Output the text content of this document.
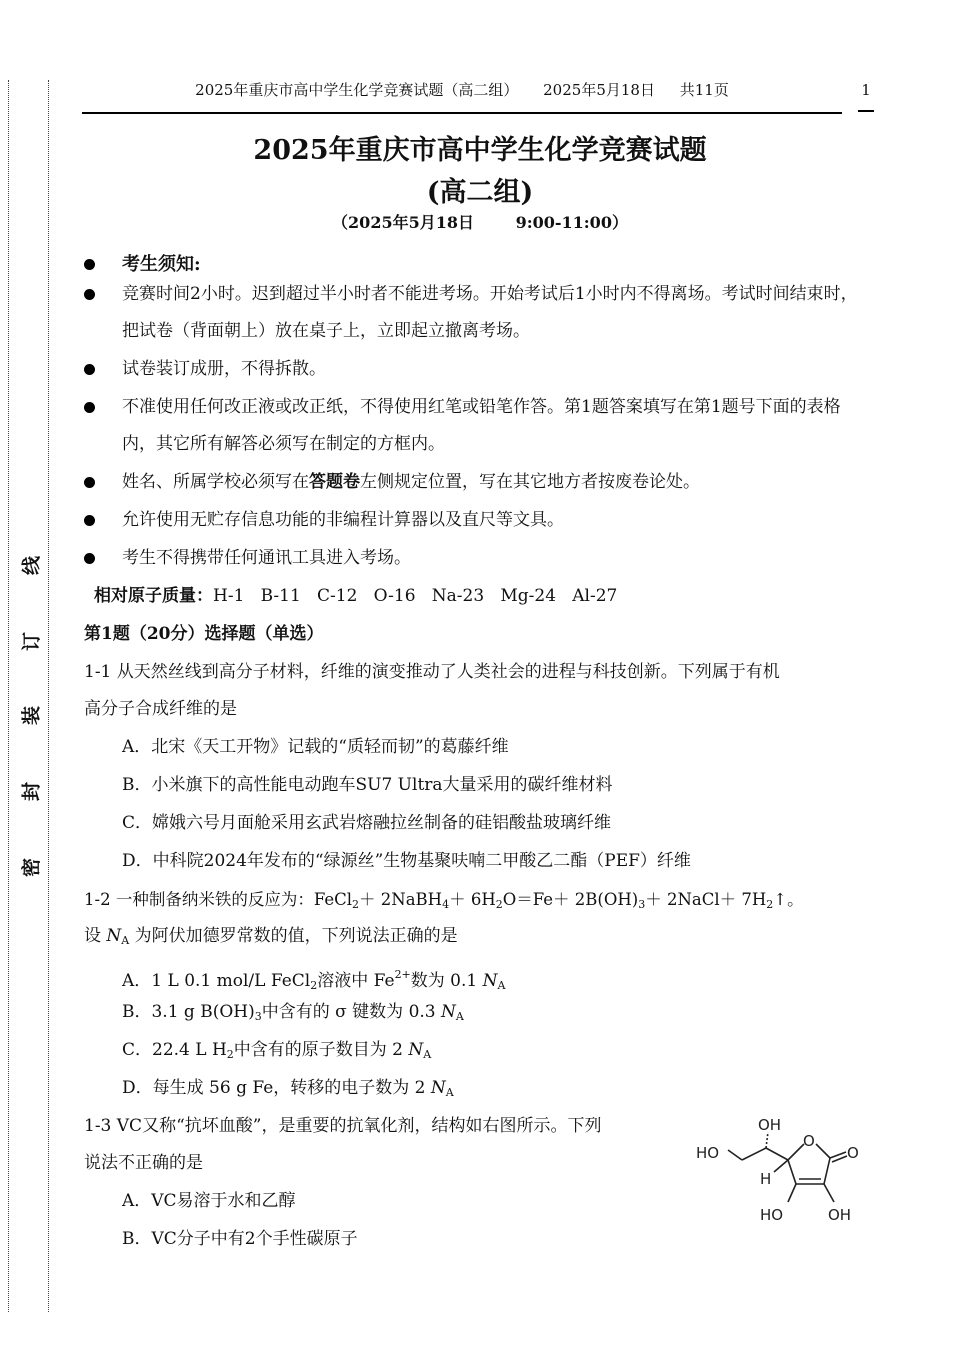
线
订
装
封
密
2025年重庆市高中学生化学竞赛试题（高二组） 2025年5月18日 共11页	1
2025年重庆市高中学生化学竞赛试题
(高二组)
（2025年5月18日	9:00-11:00）
考生须知:
竞赛时间2小时。迟到超过半小时者不能进考场。开始考试后1小时内不得离场。考试时间结束时，把试卷（背面朝上）放在桌子上，立即起立撤离考场。
试卷装订成册，不得拆散。
不准使用任何改正液或改正纸，不得使用红笔或铅笔作答。第1题答案填写在第1题号下面的表格内，其它所有解答必须写在制定的方框内。
姓名、所属学校必须写在答题卷左侧规定位置，写在其它地方者按废卷论处。
允许使用无贮存信息功能的非编程计算器以及直尺等文具。
考生不得携带任何通讯工具进入考场。
相对原子质量：H-1 B-11 C-12 O-16 Na-23 Mg-24 Al-27
第1题（20分）选择题（单选）
1-1 从天然丝线到高分子材料，纤维的演变推动了人类社会的进程与科技创新。下列属于有机
高分子合成纤维的是
A．北宋《天工开物》记载的“质轻而韧”的葛藤纤维
B．小米旗下的高性能电动跑车SU7 Ultra大量采用的碳纤维材料
C．嫦娥六号月面舱采用玄武岩熔融拉丝制备的硅铝酸盐玻璃纤维
D．中科院2024年发布的“绿源丝”生物基聚呋喃二甲酸乙二酯（PEF）纤维
1-2 一种制备纳米铁的反应为：FeCl$_2$＋ 2NaBH$_4$＋ $6H_2O=Fe+ 2B(OH)_3+$ 2NaCl＋ $7H_2↑$。
设 $N_A$ 为阿伏加德罗常数的值，下列说法正确的是
A．1 L 0.1 mol/L FeCl$_2$溶液中 $Fe^{2+}$数为 0.1 $N_A$
B．3.1 g $B(OH)_3$中含有的 σ 键数为 0.3 $N_A$
C．22.4 L $H_2$中含有的原子数目为 2 $N_A$
D．每生成 56 g Fe，转移的电子数为 2 $N_A$
1-3 VC又称“抗坏血酸”，是重要的抗氧化剂，结构如右图所示。下列
说法不正确的是
A．VC易溶于水和乙醇
B．VC分子中有2个手性碳原子
OH
HO
H
O
O
HO	OH
